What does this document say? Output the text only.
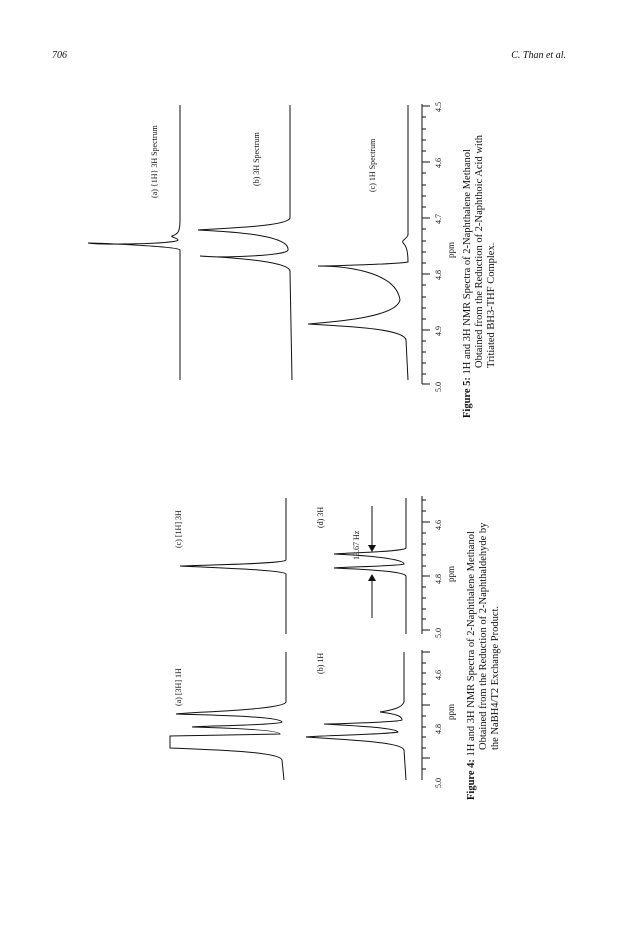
706	C. Than et al.
(a) {1H} 3H Spectrum	(b) 3H Spectrum	(c) 1H Spectrum
5.0
4.9
4.8
4.7
4.6
4.5
ppm
Figure 5: 1H and 3H NMR Spectra of 2-Naphthalene Methanol
Obtained from the Reduction of 2-Naphthoic Acid with
Tritiated BH3-THF Complex.
(a) [3H] 1H
(b) 1H
(c) [1H] 3H	(d) 3H
13.67 Hz
5.0
4.8
4.6
ppm
5.0
4.8
4.6
ppm
Figure 4: 1H and 3H NMR Spectra of 2-Naphthalene Methanol
Obtained from the Reduction of 2-Naphthaldehyde by
the NaBH4/T2 Exchange Product.
